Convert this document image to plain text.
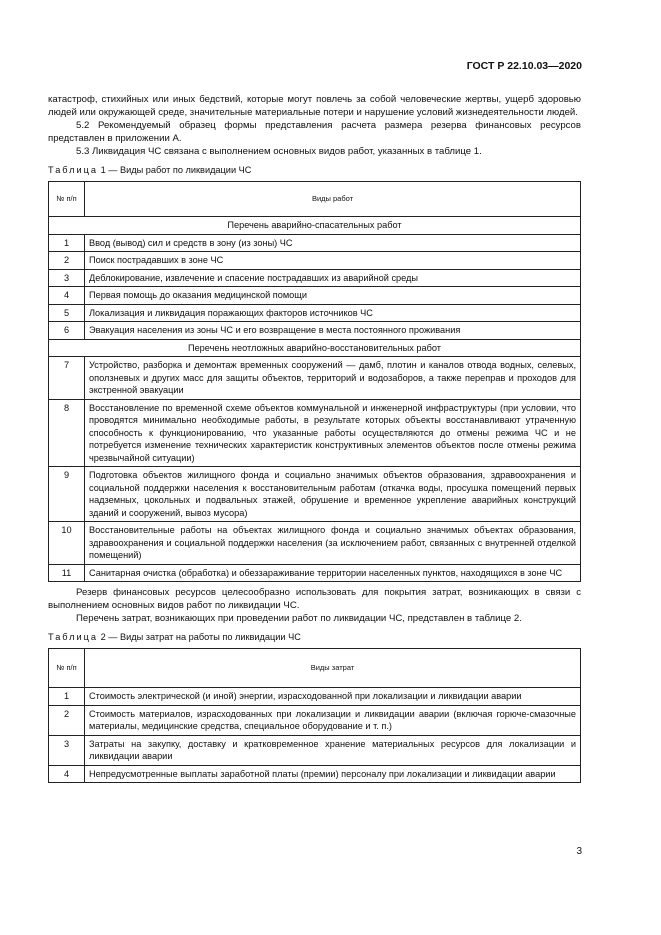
ГОСТ Р 22.10.03—2020

катастроф, стихийных или иных бедствий, которые могут повлечь за собой человеческие жертвы, ущерб здоровью людей или окружающей среде, значительные материальные потери и нарушение условий жизнедеятельности людей.

5.2 Рекомендуемый образец формы представления расчета размера резерва финансовых ресурсов представлен в приложении А.

5.3 Ликвидация ЧС связана с выполнением основных видов работ, указанных в таблице 1.

Таблица 1 — Виды работ по ликвидации ЧС
№ п/п	Виды работ
Перечень аварийно-спасательных работ	
1	Ввод (вывод) сил и средств в зону (из зоны) ЧС
2	Поиск пострадавших в зоне ЧС
3	Деблокирование, извлечение и спасение пострадавших из аварийной среды
4	Первая помощь до оказания медицинской помощи
5	Локализация и ликвидация поражающих факторов источников ЧС
6	Эвакуация населения из зоны ЧС и его возвращение в места постоянного проживания
Перечень неотложных аварийно-восстановительных работ	
7	Устройство, разборка и демонтаж временных сооружений — дамб, плотин и каналов отвода водных, селевых, оползневых и других масс для защиты объектов, территорий и водозаборов, а также переправ и проходов для экстренной эвакуации
8	Восстановление по временной схеме объектов коммунальной и инженерной инфраструктуры (при условии, что проводятся минимально необходимые работы, в результате которых объекты восстанавливают утраченную способность к функционированию, что указанные работы осуществляются до отмены режима ЧС и не потребуется изменение технических характеристик конструктивных элементов объектов после отмены режима чрезвычайной ситуации)
9	Подготовка объектов жилищного фонда и социально значимых объектов образования, здравоохранения и социальной поддержки населения к восстановительным работам (откачка воды, просушка помещений первых надземных, цокольных и подвальных этажей, обрушение и временное укрепление аварийных конструкций зданий и сооружений, вывоз мусора)
10	Восстановительные работы на объектах жилищного фонда и социально значимых объектах образования, здравоохранения и социальной поддержки населения (за исключением работ, связанных с внутренней отделкой помещений)
11	Санитарная очистка (обработка) и обеззараживание территории населенных пунктов, находящихся в зоне ЧС

Резерв финансовых ресурсов целесообразно использовать для покрытия затрат, возникающих в связи с выполнением основных видов работ по ликвидации ЧС.

Перечень затрат, возникающих при проведении работ по ликвидации ЧС, представлен в таблице 2.

Таблица 2 — Виды затрат на работы по ликвидации ЧС
№ п/п	Виды затрат
1	Стоимость электрической (и иной) энергии, израсходованной при локализации и ликвидации аварии
2	Стоимость материалов, израсходованных при локализации и ликвидации аварии (включая горюче-смазочные материалы, медицинские средства, специальное оборудование и т. п.)
3	Затраты на закупку, доставку и кратковременное хранение материальных ресурсов для локализации и ликвидации аварии
4	Непредусмотренные выплаты заработной платы (премии) персоналу при локализации и ликвидации аварии
3
